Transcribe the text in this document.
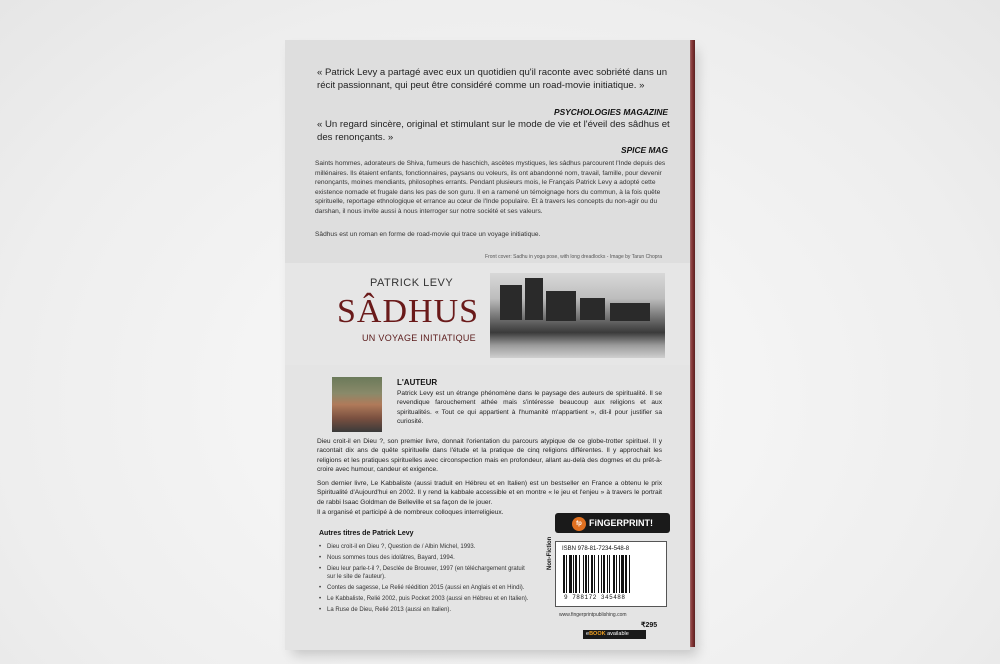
« Patrick Levy a partagé avec eux un quotidien qu'il raconte avec sobriété dans un récit passionnant, qui peut être considéré comme un road-movie initiatique. »
PSYCHOLOGIES MAGAZINE
« Un regard sincère, original et stimulant sur le mode de vie et l'éveil des sâdhus et des renonçants. »
SPICE MAG
Saints hommes, adorateurs de Shiva, fumeurs de haschich, ascètes mystiques, les sâdhus parcourent l'Inde depuis des millénaires. Ils étaient enfants, fonctionnaires, paysans ou voleurs, ils ont abandonné nom, travail, famille, pour devenir renonçants, moines mendiants, philosophes errants. Pendant plusieurs mois, le Français Patrick Levy a adopté cette existence nomade et frugale dans les pas de son guru. Il en a ramené un témoignage hors du commun, à la fois quête spirituelle, reportage ethnologique et errance au cœur de l'Inde populaire. Et à travers les concepts du non-agir ou du darshan, il nous invite aussi à nous interroger sur notre société et ses valeurs.
Sâdhus est un roman en forme de road-movie qui trace un voyage initiatique.
Front cover: Sadhu in yoga pose, with long dreadlocks - Image by Tarun Chopra
PATRICK LEVY
SÂDHUS
UN VOYAGE INITIATIQUE
L'AUTEUR
Patrick Levy est un étrange phénomène dans le paysage des auteurs de spiritualité. Il se revendique farouchement athée mais s'intéresse beaucoup aux religions et aux spiritualités. « Tout ce qui appartient à l'humanité m'appartient », dit-il pour justifier sa curiosité.
Dieu croit-il en Dieu ?, son premier livre, donnait l'orientation du parcours atypique de ce globe-trotter spirituel. Il y racontait dix ans de quête spirituelle dans l'étude et la pratique de cinq religions différentes. Il y approchait les religions et les pratiques spirituelles avec circonspection mais en profondeur, allant au-delà des dogmes et du prêt-à-croire avec humour, candeur et exigence.
Son dernier livre, Le Kabbaliste (aussi traduit en Hébreu et en Italien) est un bestseller en France a obtenu le prix Spiritualité d'Aujourd'hui en 2002. Il y rend la kabbale accessible et en montre « le jeu et l'enjeu » à travers le portrait de rabbi Isaac Goldman de Belleville et sa façon de le jouer.
Il a organisé et participé à de nombreux colloques interreligieux.
Autres titres de Patrick Levy
• Dieu croit-il en Dieu ?, Question de / Albin Michel, 1993.
• Nous sommes tous des idolâtres, Bayard, 1994.
• Dieu leur parle-t-il ?, Desclée de Brouwer, 1997 (en téléchargement gratuit sur le site de l'auteur).
• Contes de sagesse, Le Relié réédition 2015 (aussi en Anglais et en Hindi).
• Le Kabbaliste, Relié 2002, puis Pocket 2003 (aussi en Hébreu et en Italien).
• La Ruse de Dieu, Relié 2013 (aussi en Italien).
fp FiNGERPRINT!
Non-Fiction ISBN 978-81-7234-548-8
9 788172 345488
www.fingerprintpublishing.com
₹295
eBOOK available
